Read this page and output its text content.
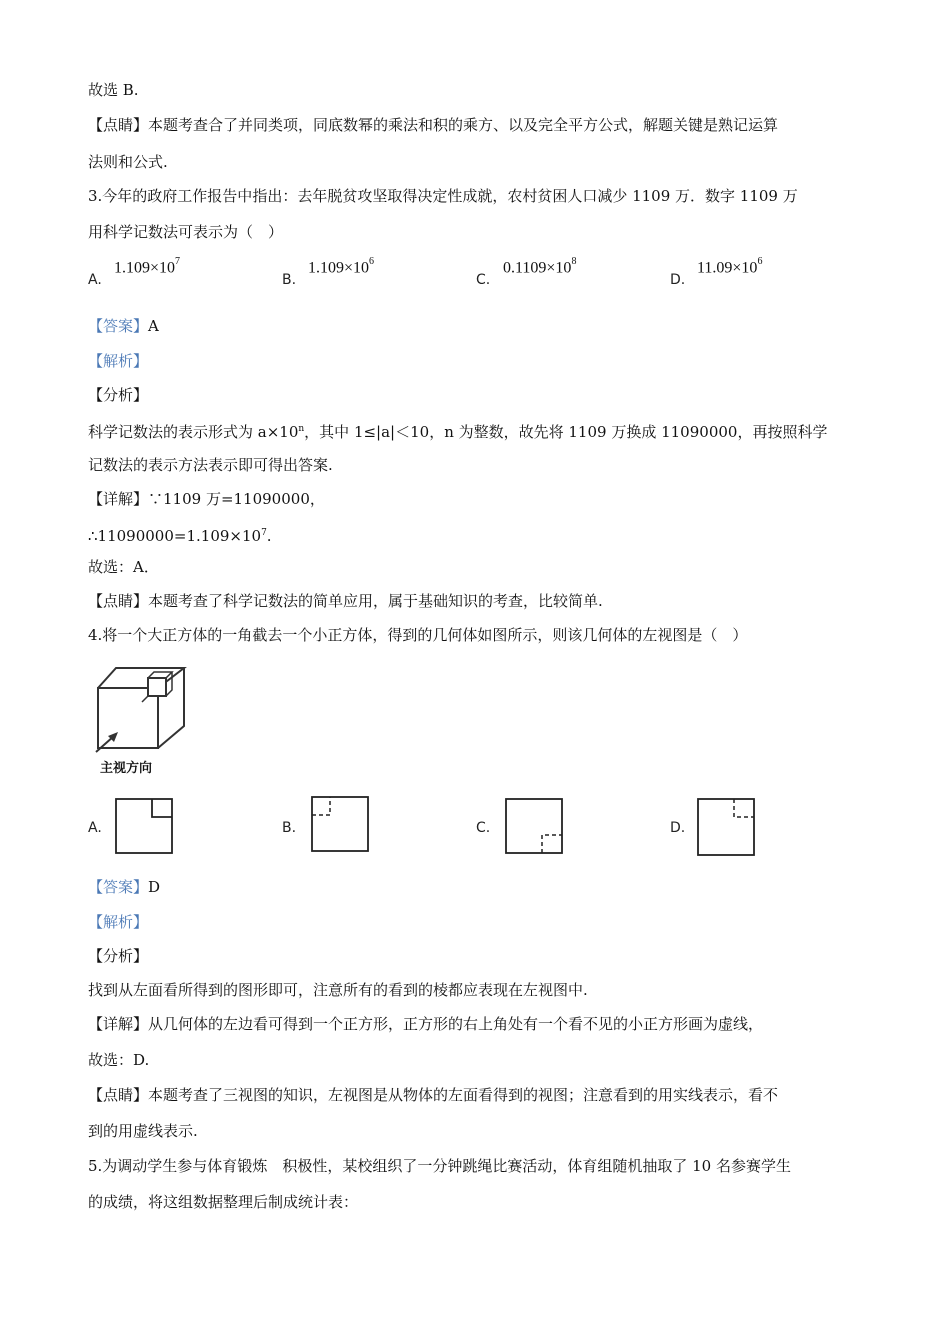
故选 B.
【点睛】本题考查合了并同类项，同底数幂的乘法和积的乘方、以及完全平方公式，解题关键是熟记运算
法则和公式.
3.今年的政府工作报告中指出：去年脱贫攻坚取得决定性成就，农村贫困人口减少 1109 万．数字 1109 万
用科学记数法可表示为（　）
A.
$1.109\times 10^7$
B.
$1.109\times 10^6$
C.
$0.1109\times 10^8$
D.
$11.09\times 10^6$
【答案】A
【解析】
【分析】
科学记数法的表示形式为 $a\times 10^n$，其中 1≤|a|＜10，n 为整数，故先将 1109 万换成 11090000，再按照科学
记数法的表示方法表示即可得出答案.
【详解】∵1109 万=11090000，
$\therefore 11090000=1.109\times 10^7$.
故选：A．
【点睛】本题考查了科学记数法的简单应用，属于基础知识的考查，比较简单.
4.将一个大正方体的一角截去一个小正方体，得到的几何体如图所示，则该几何体的左视图是（　）
主视方向
A.	B.	C.	D.
【答案】D
【解析】
【分析】
找到从左面看所得到的图形即可，注意所有的看到的棱都应表现在左视图中.
【详解】从几何体的左边看可得到一个正方形，正方形的右上角处有一个看不见的小正方形画为虚线，
故选：D.
【点睛】本题考查了三视图的知识，左视图是从物体的左面看得到的视图；注意看到的用实线表示，看不
到的用虚线表示.
5.为调动学生参与体育锻炼　积极性，某校组织了一分钟跳绳比赛活动，体育组随机抽取了 10 名参赛学生
的成绩，将这组数据整理后制成统计表：
